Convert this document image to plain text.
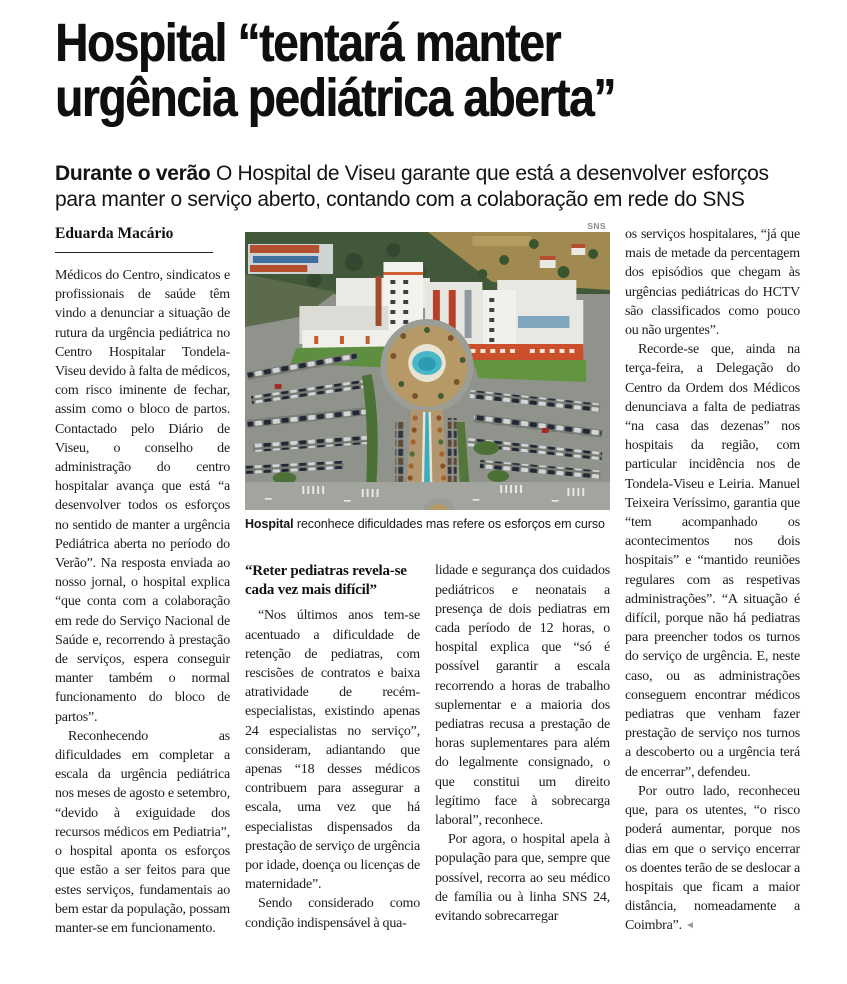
Hospital “tentará manter
urgência pediátrica aberta”

Durante o verão O Hospital de Viseu garante que está a desenvolver esforços
para manter o serviço aberto, contando com a colaboração em rede do SNS

Eduarda Macário

Médicos do Centro, sindicatos e profissionais de saúde têm vindo a denunciar a situação de rutura da urgência pediátrica no Centro Hospitalar Tondela-Viseu devido à falta de médicos, com risco iminente de fechar, assim como o bloco de partos. Contactado pelo Diário de Viseu, o conselho de administração do centro hospitalar avança que está “a desenvolver todos os esforços no sentido de manter a urgência Pediátrica aberta no período do Verão”. Na resposta enviada ao nosso jornal, o hospital explica “que conta com a colaboração em rede do Serviço Nacional de Saúde e, recorrendo à prestação de serviços, espera conseguir manter também o normal funcionamento do bloco de partos”.

Reconhecendo as dificuldades em completar a escala da urgência pediátrica nos meses de agosto e setembro, “devido à exiguidade dos recursos médicos em Pediatria”, o hospital aponta os esforços que estão a ser feitos para que estes serviços, fundamentais ao bem estar da população, possam manter-se em funcionamento.

SNS
Hospital reconhece dificuldades mas refere os esforços em curso
“Reter pediatras revela-se
cada vez mais difícil”

“Nos últimos anos tem-se acentuado a dificuldade de retenção de pediatras, com rescisões de contratos e baixa atratividade de recém-especialistas, existindo apenas 24 especialistas no serviço”, consideram, adiantando que apenas “18 desses médicos contribuem para assegurar a escala, uma vez que há especialistas dispensados da prestação de serviço de urgência por idade, doença ou licenças de maternidade”.

Sendo considerado como condição indispensável à qua-

lidade e segurança dos cuidados pediátricos e neonatais a presença de dois pediatras em cada período de 12 horas, o hospital explica que “só é possível garantir a escala recorrendo a horas de trabalho suplementar e a maioria dos pediatras recusa a prestação de horas suplementares para além do legalmente consignado, o que constitui um direito legítimo face à sobrecarga laboral”, reconhece.

Por agora, o hospital apela à população para que, sempre que possível, recorra ao seu médico de família ou à linha SNS 24, evitando sobrecarregar

os serviços hospitalares, “já que mais de metade da percentagem dos episódios que chegam às urgências pediátricas do HCTV são classificados como pouco ou não urgentes”.

Recorde-se que, ainda na terça-feira, a Delegação do Centro da Ordem dos Médicos denunciava a falta de pediatras “na casa das dezenas” nos hospitais da região, com particular incidência nos de Tondela-Viseu e Leiria. Manuel Teixeira Veríssimo, garantia que “tem acompanhado os acontecimentos nos dois hospitais” e “mantido reuniões regulares com as respetivas administrações”. “A situação é difícil, porque não há pediatras para preencher todos os turnos do serviço de urgência. E, neste caso, ou as administrações conseguem encontrar médicos pediatras que venham fazer prestação de serviço nos turnos a descoberto ou a urgência terá de encerrar”, defendeu.

Por outro lado, reconheceu que, para os utentes, “o risco poderá aumentar, porque nos dias em que o serviço encerrar os doentes terão de se deslocar a hospitais que ficam a maior distância, nomeadamente a Coimbra”. ◄
